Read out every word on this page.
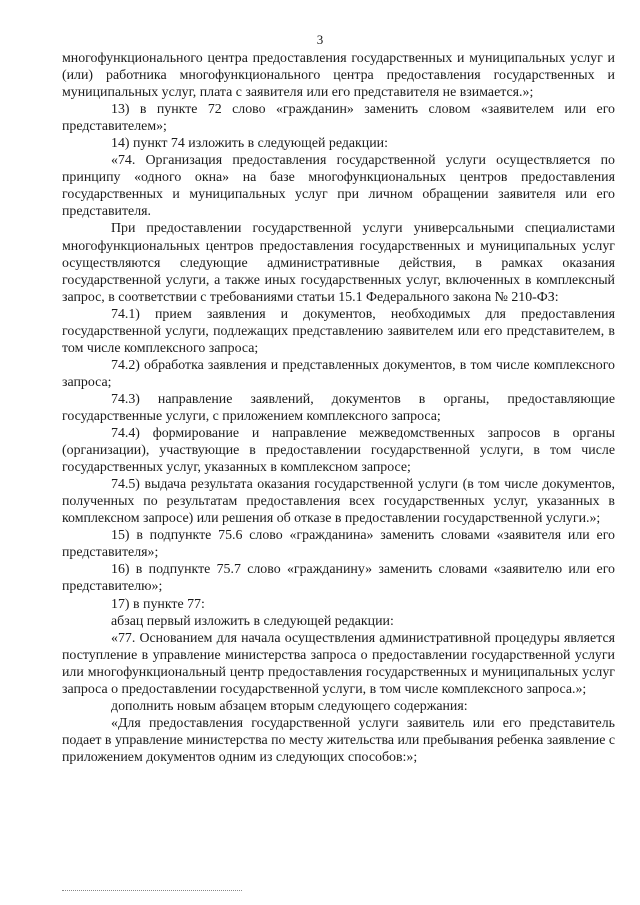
3

многофункционального центра предоставления государственных и муниципальных услуг и (или) работника многофункционального центра предоставления государственных и муниципальных услуг, плата с заявителя или его представителя не взимается.»;

13) в пункте 72 слово «гражданин» заменить словом «заявителем или его представителем»;

14) пункт 74 изложить в следующей редакции:

«74. Организация предоставления государственной услуги осуществляется по принципу «одного окна» на базе многофункциональных центров предоставления государственных и муниципальных услуг при личном обращении заявителя или его представителя.

При предоставлении государственной услуги универсальными специалистами многофункциональных центров предоставления государственных и муниципальных услуг осуществляются следующие административные действия, в рамках оказания государственной услуги, а также иных государственных услуг, включенных в комплексный запрос, в соответствии с требованиями статьи 15.1 Федерального закона № 210-ФЗ:

74.1) прием заявления и документов, необходимых для предоставления государственной услуги, подлежащих представлению заявителем или его представителем, в том числе комплексного запроса;

74.2) обработка заявления и представленных документов, в том числе комплексного запроса;

74.3) направление заявлений, документов в органы, предоставляющие государственные услуги, с приложением комплексного запроса;

74.4) формирование и направление межведомственных запросов в органы (организации), участвующие в предоставлении государственной услуги, в том числе государственных услуг, указанных в комплексном запросе;

74.5) выдача результата оказания государственной услуги (в том числе документов, полученных по результатам предоставления всех государственных услуг, указанных в комплексном запросе) или решения об отказе в предоставлении государственной услуги.»;

15) в подпункте 75.6 слово «гражданина» заменить словами «заявителя или его представителя»;

16) в подпункте 75.7 слово «гражданину» заменить словами «заявителю или его представителю»;

17) в пункте 77:

абзац первый изложить в следующей редакции:

«77. Основанием для начала осуществления административной процедуры является поступление в управление министерства запроса о предоставлении государственной услуги или многофункциональный центр предоставления государственных и муниципальных услуг запроса о предоставлении государственной услуги, в том числе комплексного запроса.»;

дополнить новым абзацем вторым следующего содержания:

«Для предоставления государственной услуги заявитель или его представитель подает в управление министерства по месту жительства или пребывания ребенка заявление с приложением документов одним из следующих способов:»;
